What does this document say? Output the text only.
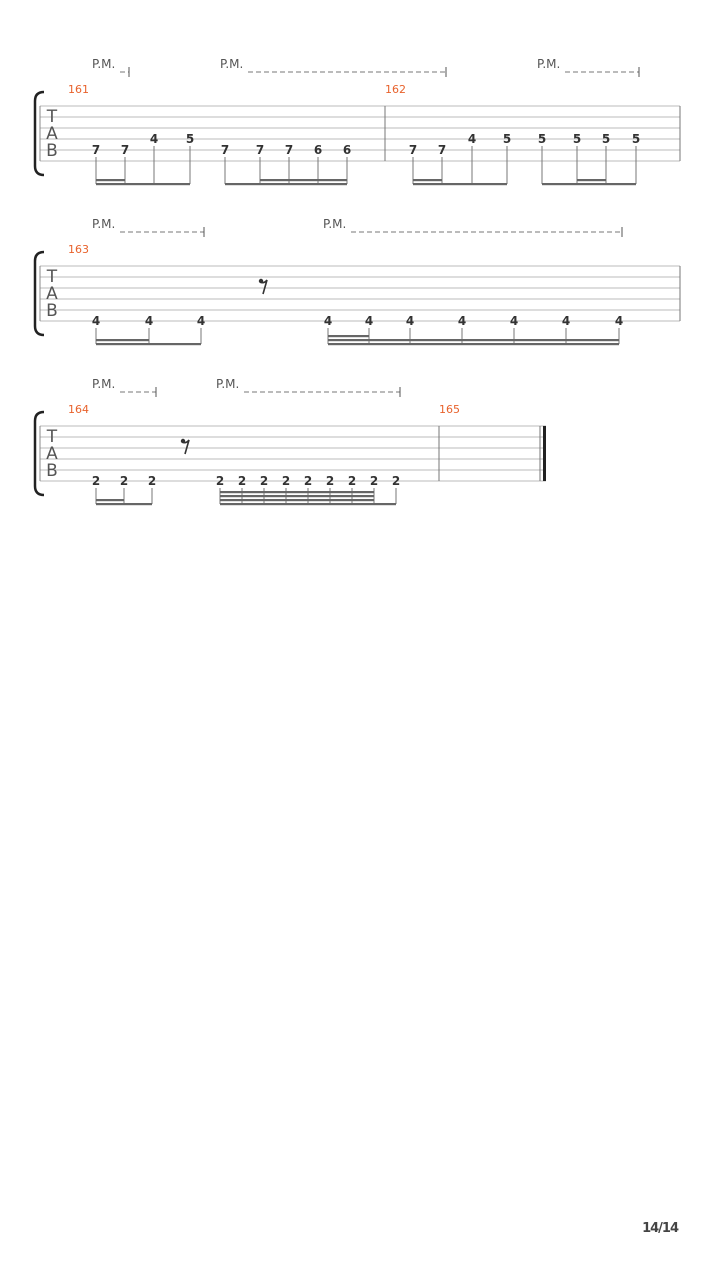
T
A
B
P.M.	P.M.	P.M.
161	162
7 7
4 5
7 7 7 6 6	7 7
4 5 5 5 5 5
T
A
B
P.M.	P.M.
163
4	4	4	4	4	4	4	4	4	4
T
A
B
P.M.	P.M.
164	165
2 2 2	2 2 2 2 2 2 2 2 2
14/14
